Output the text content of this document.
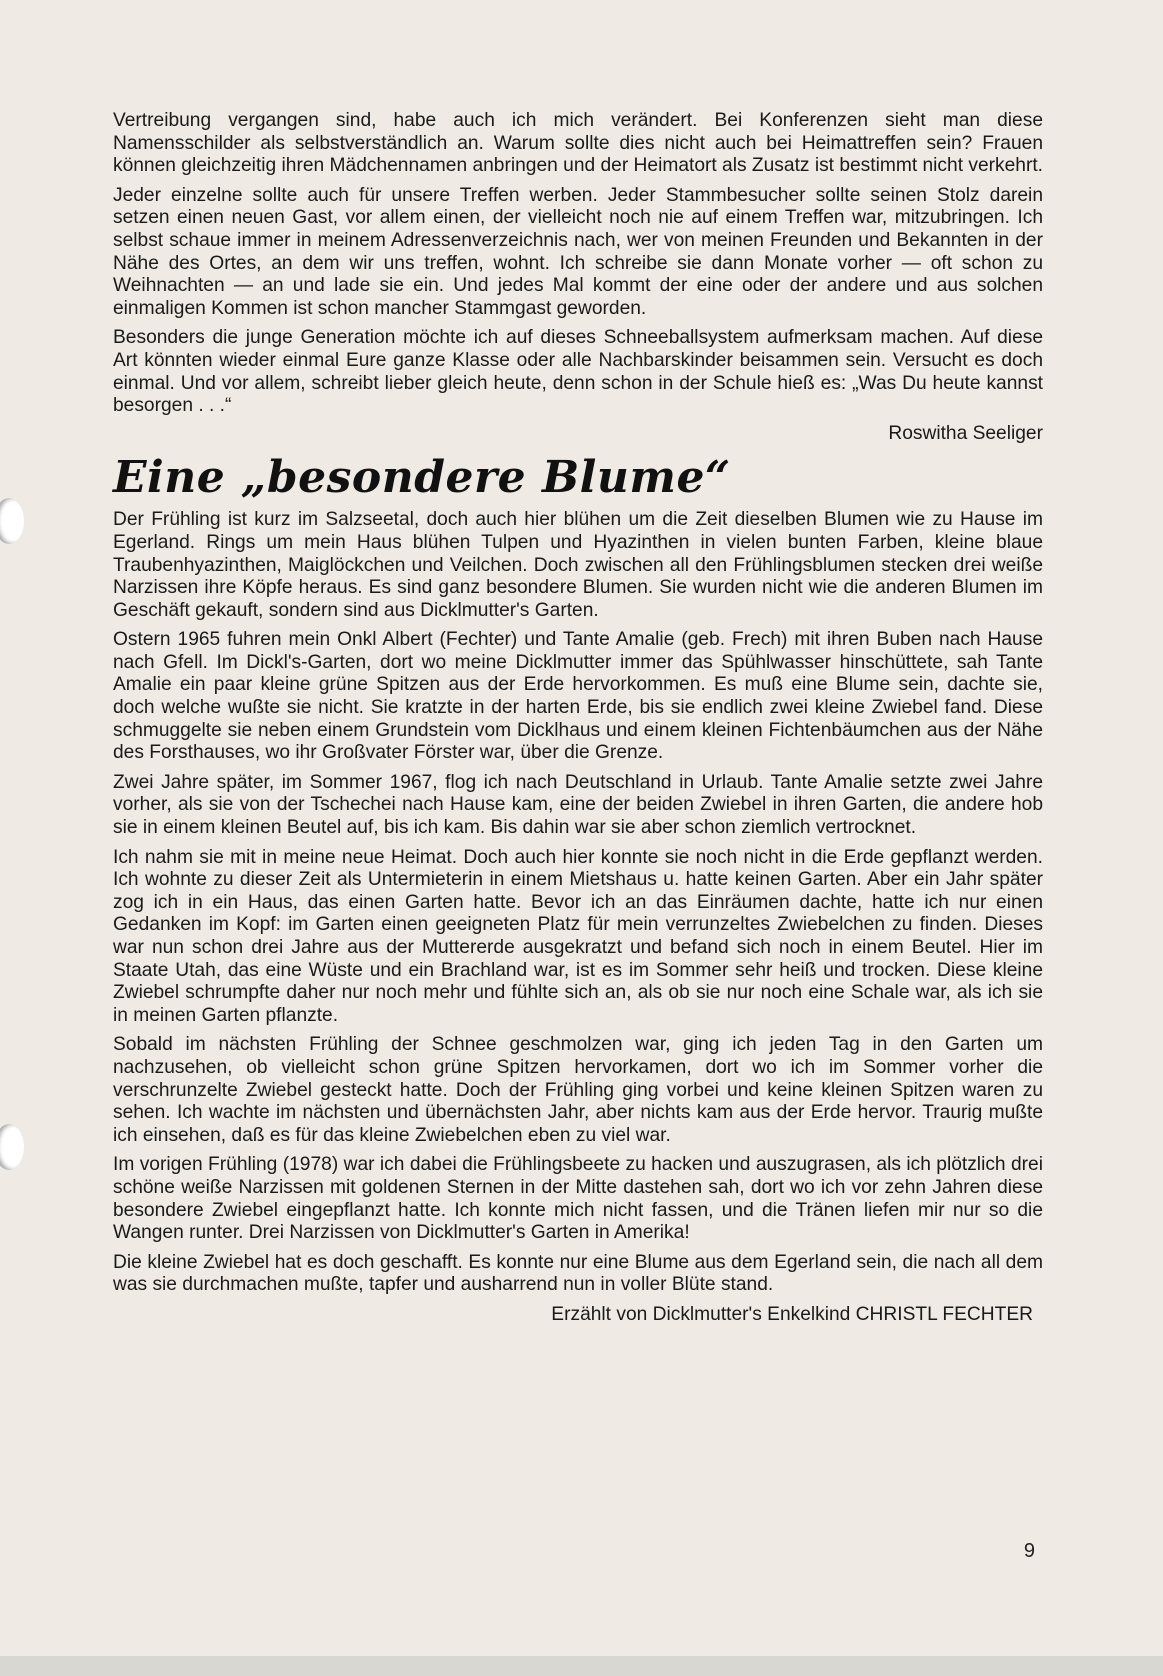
Vertreibung vergangen sind, habe auch ich mich verändert. Bei Konferenzen sieht man diese Namensschilder als selbstverständlich an. Warum sollte dies nicht auch bei Heimattreffen sein? Frauen können gleichzeitig ihren Mädchennamen anbringen und der Heimatort als Zusatz ist bestimmt nicht verkehrt.

Jeder einzelne sollte auch für unsere Treffen werben. Jeder Stammbesucher sollte seinen Stolz darein setzen einen neuen Gast, vor allem einen, der vielleicht noch nie auf einem Treffen war, mitzubringen. Ich selbst schaue immer in meinem Adressenverzeichnis nach, wer von meinen Freunden und Bekannten in der Nähe des Ortes, an dem wir uns treffen, wohnt. Ich schreibe sie dann Monate vorher — oft schon zu Weihnachten — an und lade sie ein. Und jedes Mal kommt der eine oder der andere und aus solchen einmaligen Kommen ist schon mancher Stammgast geworden.

Besonders die junge Generation möchte ich auf dieses Schneeballsystem aufmerksam machen. Auf diese Art könnten wieder einmal Eure ganze Klasse oder alle Nachbarskinder beisammen sein. Versucht es doch einmal. Und vor allem, schreibt lieber gleich heute, denn schon in der Schule hieß es: „Was Du heute kannst besorgen . . .“

Roswitha Seeliger
Eine „besondere Blume“

Der Frühling ist kurz im Salzseetal, doch auch hier blühen um die Zeit dieselben Blumen wie zu Hause im Egerland. Rings um mein Haus blühen Tulpen und Hyazinthen in vielen bunten Farben, kleine blaue Traubenhyazinthen, Maiglöckchen und Veilchen. Doch zwischen all den Frühlingsblumen stecken drei weiße Narzissen ihre Köpfe heraus. Es sind ganz besondere Blumen. Sie wurden nicht wie die anderen Blumen im Geschäft gekauft, sondern sind aus Dicklmutter's Garten.

Ostern 1965 fuhren mein Onkl Albert (Fechter) und Tante Amalie (geb. Frech) mit ihren Buben nach Hause nach Gfell. Im Dickl's-Garten, dort wo meine Dicklmutter immer das Spühlwasser hinschüttete, sah Tante Amalie ein paar kleine grüne Spitzen aus der Erde hervorkommen. Es muß eine Blume sein, dachte sie, doch welche wußte sie nicht. Sie kratzte in der harten Erde, bis sie endlich zwei kleine Zwiebel fand. Diese schmuggelte sie neben einem Grundstein vom Dicklhaus und einem kleinen Fichtenbäumchen aus der Nähe des Forsthauses, wo ihr Großvater Förster war, über die Grenze.

Zwei Jahre später, im Sommer 1967, flog ich nach Deutschland in Urlaub. Tante Amalie setzte zwei Jahre vorher, als sie von der Tschechei nach Hause kam, eine der beiden Zwiebel in ihren Garten, die andere hob sie in einem kleinen Beutel auf, bis ich kam. Bis dahin war sie aber schon ziemlich vertrocknet.

Ich nahm sie mit in meine neue Heimat. Doch auch hier konnte sie noch nicht in die Erde gepflanzt werden. Ich wohnte zu dieser Zeit als Untermieterin in einem Mietshaus u. hatte keinen Garten. Aber ein Jahr später zog ich in ein Haus, das einen Garten hatte. Bevor ich an das Einräumen dachte, hatte ich nur einen Gedanken im Kopf: im Garten einen geeigneten Platz für mein verrunzeltes Zwiebelchen zu finden. Dieses war nun schon drei Jahre aus der Muttererde ausgekratzt und befand sich noch in einem Beutel. Hier im Staate Utah, das eine Wüste und ein Brachland war, ist es im Sommer sehr heiß und trocken. Diese kleine Zwiebel schrumpfte daher nur noch mehr und fühlte sich an, als ob sie nur noch eine Schale war, als ich sie in meinen Garten pflanzte.

Sobald im nächsten Frühling der Schnee geschmolzen war, ging ich jeden Tag in den Garten um nachzusehen, ob vielleicht schon grüne Spitzen hervorkamen, dort wo ich im Sommer vorher die verschrunzelte Zwiebel gesteckt hatte. Doch der Frühling ging vorbei und keine kleinen Spitzen waren zu sehen. Ich wachte im nächsten und übernächsten Jahr, aber nichts kam aus der Erde hervor. Traurig mußte ich einsehen, daß es für das kleine Zwiebelchen eben zu viel war.

Im vorigen Frühling (1978) war ich dabei die Frühlingsbeete zu hacken und auszugrasen, als ich plötzlich drei schöne weiße Narzissen mit goldenen Sternen in der Mitte dastehen sah, dort wo ich vor zehn Jahren diese besondere Zwiebel eingepflanzt hatte. Ich konnte mich nicht fassen, und die Tränen liefen mir nur so die Wangen runter. Drei Narzissen von Dicklmutter's Garten in Amerika!

Die kleine Zwiebel hat es doch geschafft. Es konnte nur eine Blume aus dem Egerland sein, die nach all dem was sie durchmachen mußte, tapfer und ausharrend nun in voller Blüte stand.

Erzählt von Dicklmutter's Enkelkind CHRISTL FECHTER
9
